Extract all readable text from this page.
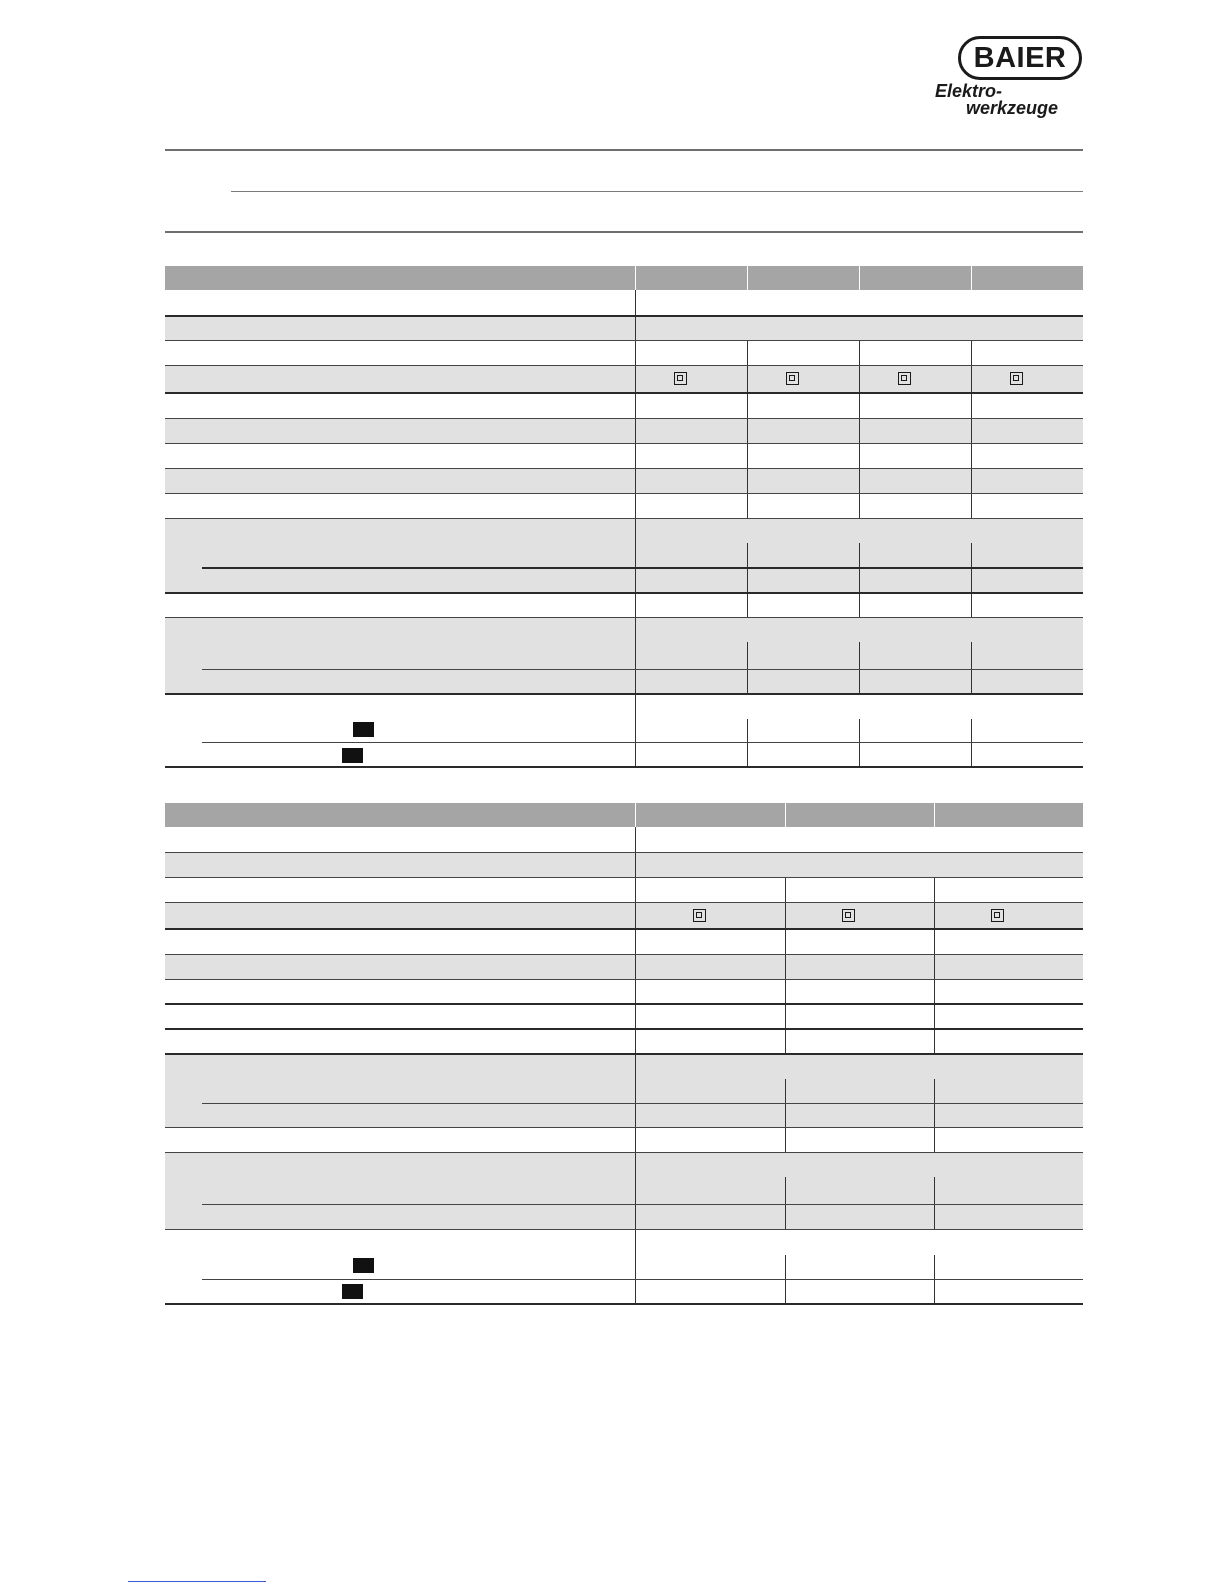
BAIER
Elektro-
werkzeuge
